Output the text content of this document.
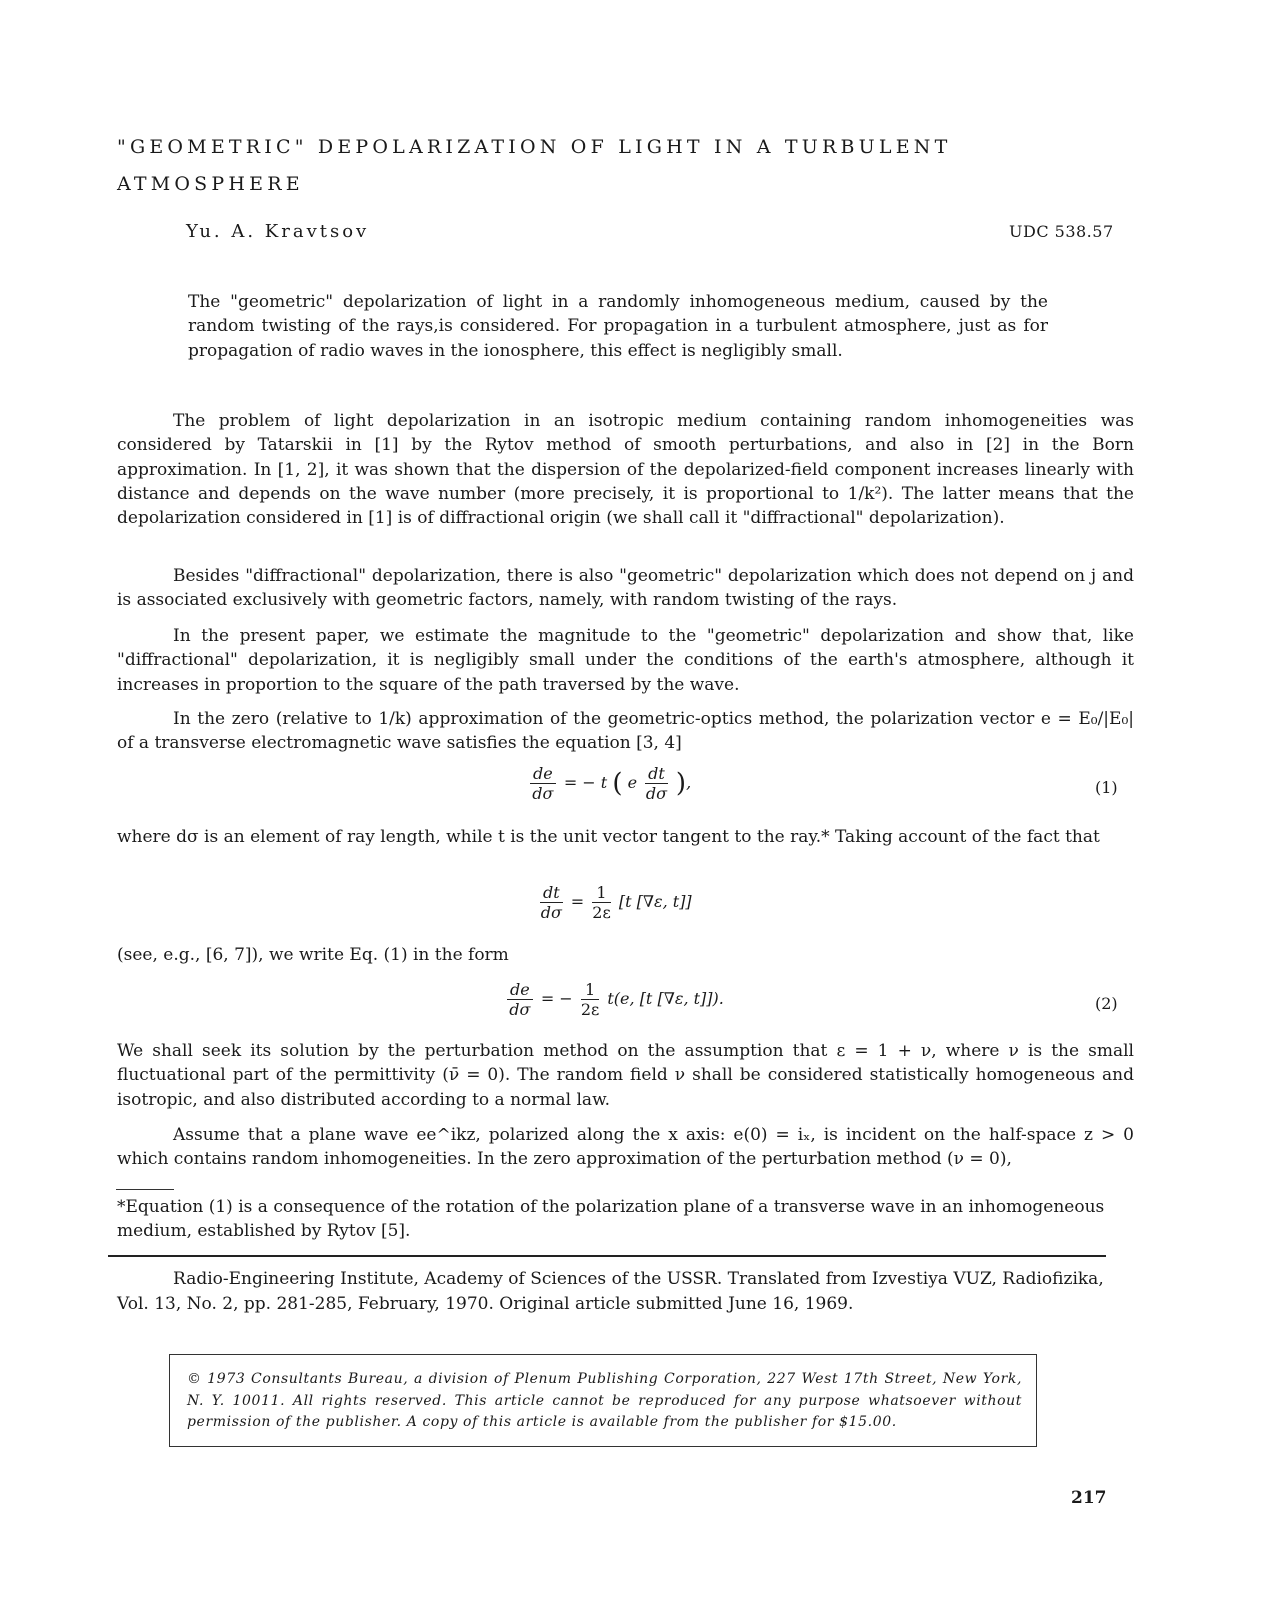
"GEOMETRIC" DEPOLARIZATION OF LIGHT IN A TURBULENT
ATMOSPHERE
Yu. A. Kravtsov	UDC 538.57
The "geometric" depolarization of light in a randomly inhomogeneous medium, caused by the random twisting of the rays,is considered. For propagation in a turbulent atmosphere, just as for propagation of radio waves in the ionosphere, this effect is negligibly small.
The problem of light depolarization in an isotropic medium containing random inhomogeneities was considered by Tatarskii in [1] by the Rytov method of smooth perturbations, and also in [2] in the Born approximation. In [1, 2], it was shown that the dispersion of the depolarized-field component increases linearly with distance and depends on the wave number (more precisely, it is proportional to 1/k²). The latter means that the depolarization considered in [1] is of diffractional origin (we shall call it "diffractional" depolarization).
Besides "diffractional" depolarization, there is also "geometric" depolarization which does not depend on j and is associated exclusively with geometric factors, namely, with random twisting of the rays.
In the present paper, we estimate the magnitude to the "geometric" depolarization and show that, like "diffractional" depolarization, it is negligibly small under the conditions of the earth's atmosphere, although it increases in proportion to the square of the path traversed by the wave.
In the zero (relative to 1/k) approximation of the geometric-optics method, the polarization vector e = E₀/|E₀| of a transverse electromagnetic wave satisfies the equation [3, 4]
$\frac{de}{d\sigma}$ = − t ( e $\frac{dt}{d\sigma}$ ),	(1)
where dσ is an element of ray length, while t is the unit vector tangent to the ray.* Taking account of the fact that
$\frac{dt}{d\sigma} = \frac{1}{2\varepsilon} [t$ [∇ε, t]]
(see, e.g., [6, 7]), we write Eq. (1) in the form
$\frac{de}{d\sigma}$ = − $\frac{1}{2\varepsilon} t(e$, [t [∇ε, t]]).	(2)
We shall seek its solution by the perturbation method on the assumption that ε = 1 + ν, where ν is the small fluctuational part of the permittivity (ν̄ = 0). The random field ν shall be considered statistically homogeneous and isotropic, and also distributed according to a normal law.
Assume that a plane wave ee^ikz, polarized along the x axis: e(0) = iₓ, is incident on the half-space z > 0 which contains random inhomogeneities. In the zero approximation of the perturbation method (ν = 0),
*Equation (1) is a consequence of the rotation of the polarization plane of a transverse wave in an inhomogeneous medium, established by Rytov [5].
Radio-Engineering Institute, Academy of Sciences of the USSR. Translated from Izvestiya VUZ, Radiofizika, Vol. 13, No. 2, pp. 281-285, February, 1970. Original article submitted June 16, 1969.
© 1973 Consultants Bureau, a division of Plenum Publishing Corporation, 227 West 17th Street, New York, N. Y. 10011. All rights reserved. This article cannot be reproduced for any purpose whatsoever without permission of the publisher. A copy of this article is available from the publisher for $15.00.
217
